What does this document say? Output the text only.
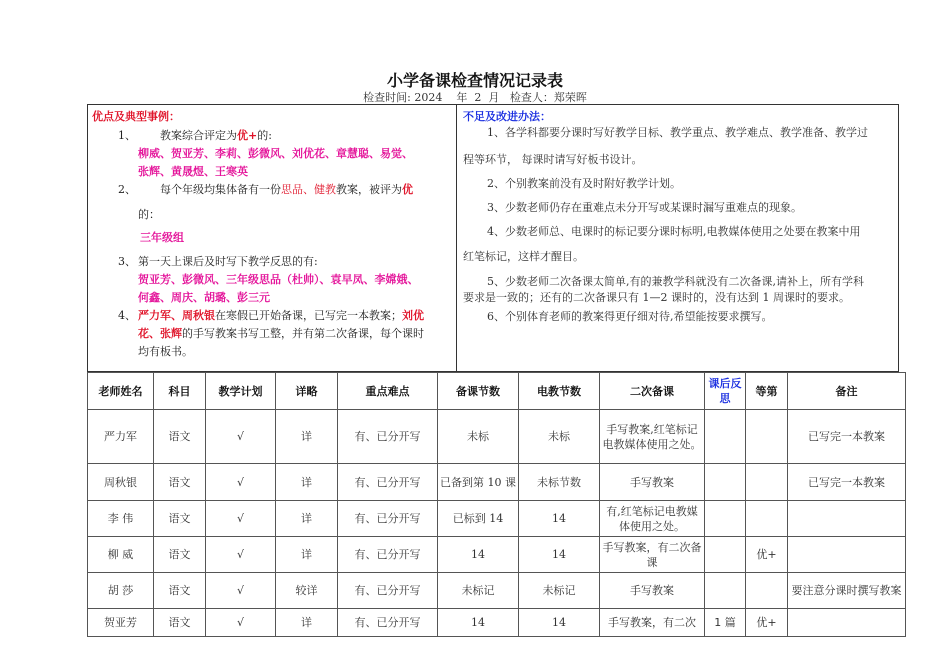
小学备课检查情况记录表
检查时间: 2024    年  2  月   检查人：郑荣晖
优点及典型事例：
1、 教案综合评定为优+的:
柳威、贺亚芳、李莉、彭微风、刘优花、章慧聪、易觉、
张辉、黄晟煜、王寒英
2、 每个年级均集体备有一份思品、健教教案，被评为优
的：
三年级组
3、 第一天上课后及时写下教学反思的有:
贺亚芳、彭微风、三年级思品（杜帅）、袁早凤、李嫦娥、
何鑫、周庆、胡璐、彭三元
4、 严力军、周秋银在寒假已开始备课，已写完一本教案；刘优
花、张辉的手写教案书写工整，并有第二次备课，每个课时
均有板书。
不足及改进办法：
1、各学科都要分课时写好教学目标、教学重点、教学难点、教学准备、教学过
程等环节， 每课时请写好板书设计。
2、个别教案前没有及时附好教学计划。
3、少数老师仍存在重难点未分开写或某课时漏写重难点的现象。
4、少数老师总、电课时的标记要分课时标明,电教媒体使用之处要在教案中用
红笔标记，这样才醒目。
5、少数老师二次备课太简单,有的兼教学科就没有二次备课,请补上，所有学科
要求是一致的；还有的二次备课只有 1—2 课时的，没有达到 1 周课时的要求。
6、个别体育老师的教案得更仔细对待,希望能按要求撰写。
老师姓名	科目	教学计划	详略	重点难点	备课节数	电教节数	二次备课	课后反思	等第	备注
严力军	语文	√	详	有、已分开写	未标	未标	手写教案,红笔标记电教媒体使用之处。			已写完一本教案
周秋银	语文	√	详	有、已分开写	已备到第 10 课	未标节数	手写教案			已写完一本教案
李 伟	语文	√	详	有、已分开写	已标到 14	14	有,红笔标记电教媒体使用之处。			
柳 威	语文	√	详	有、已分开写	14	14	手写教案，有二次备课		优+	
胡 莎	语文	√	较详	有、已分开写	未标记	未标记	手写教案			要注意分课时撰写教案
贺亚芳	语文	√	详	有、已分开写	14	14	手写教案，有二次	1 篇	优+	
